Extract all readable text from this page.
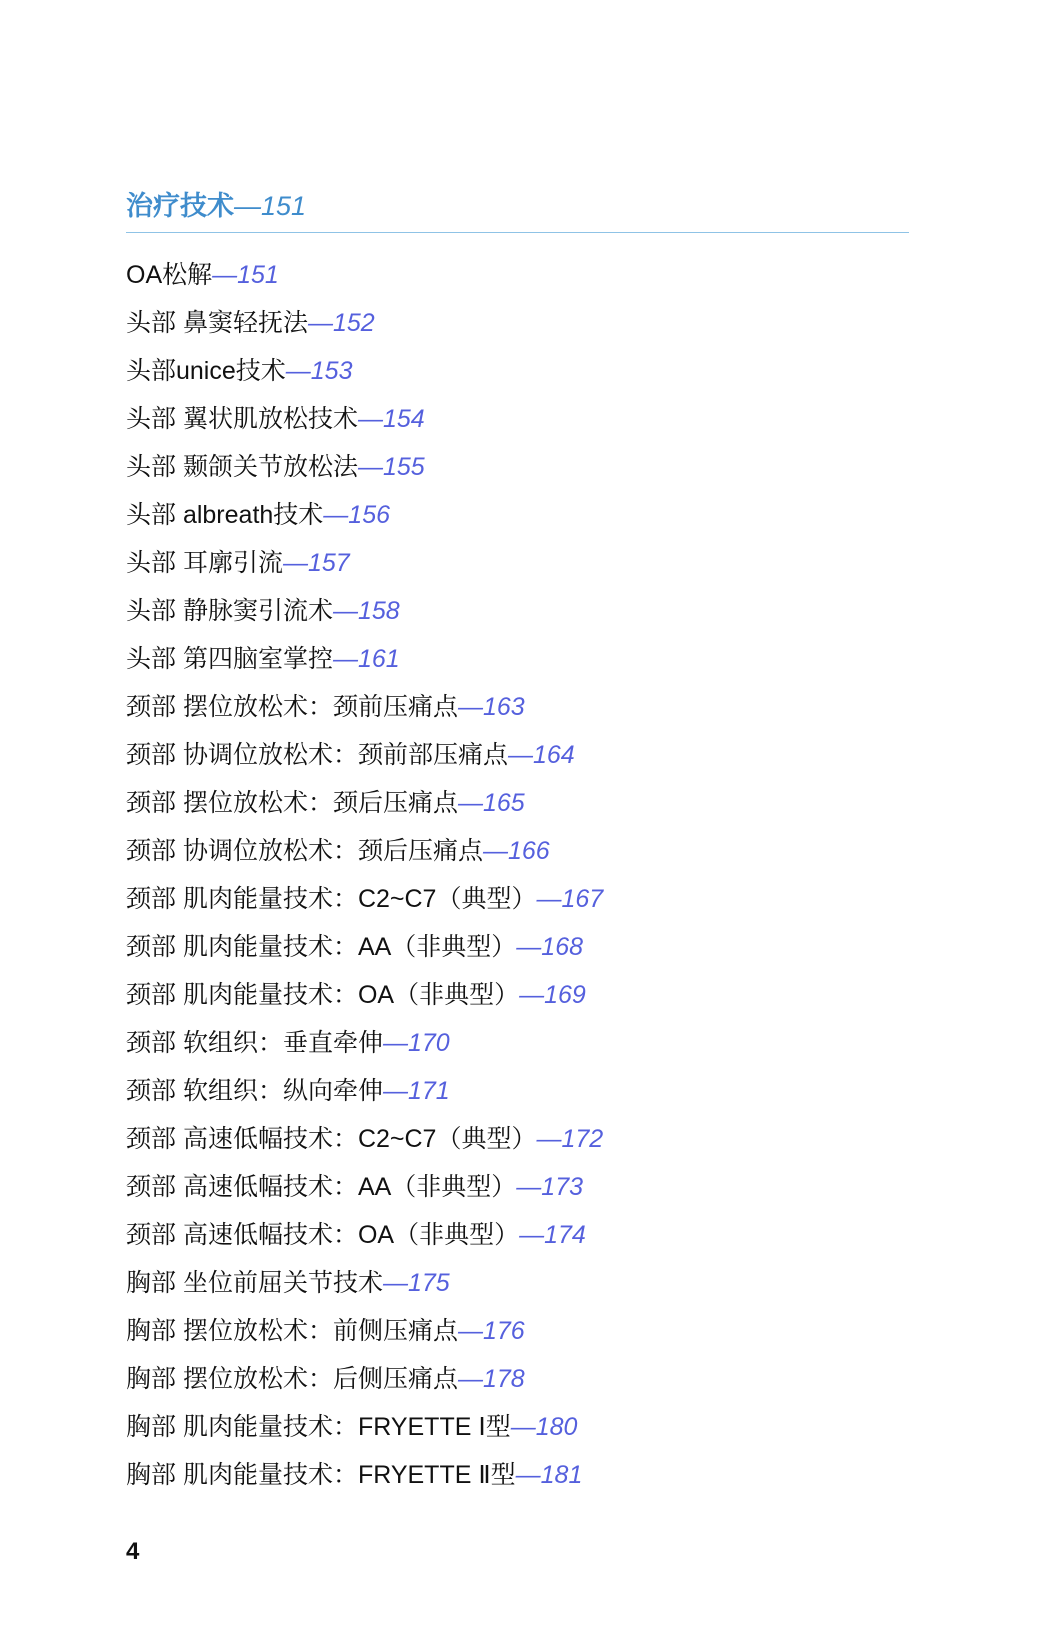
治疗技术—151
OA松解—151
头部 鼻窦轻抚法—152
头部unice技术—153
头部 翼状肌放松技术—154
头部 颞颌关节放松法—155
头部 albreath技术—156
头部 耳廓引流—157
头部 静脉窦引流术—158
头部 第四脑室掌控—161
颈部 摆位放松术：颈前压痛点—163
颈部 协调位放松术：颈前部压痛点—164
颈部 摆位放松术：颈后压痛点—165
颈部 协调位放松术：颈后压痛点—166
颈部 肌肉能量技术：C2~C7（典型）—167
颈部 肌肉能量技术：AA（非典型）—168
颈部 肌肉能量技术：OA（非典型）—169
颈部 软组织：垂直牵伸—170
颈部 软组织：纵向牵伸—171
颈部 高速低幅技术：C2~C7（典型）—172
颈部 高速低幅技术：AA（非典型）—173
颈部 高速低幅技术：OA（非典型）—174
胸部 坐位前屈关节技术—175
胸部 摆位放松术：前侧压痛点—176
胸部 摆位放松术：后侧压痛点—178
胸部 肌肉能量技术：FRYETTE Ⅰ型—180
胸部 肌肉能量技术：FRYETTE Ⅱ型—181
4
